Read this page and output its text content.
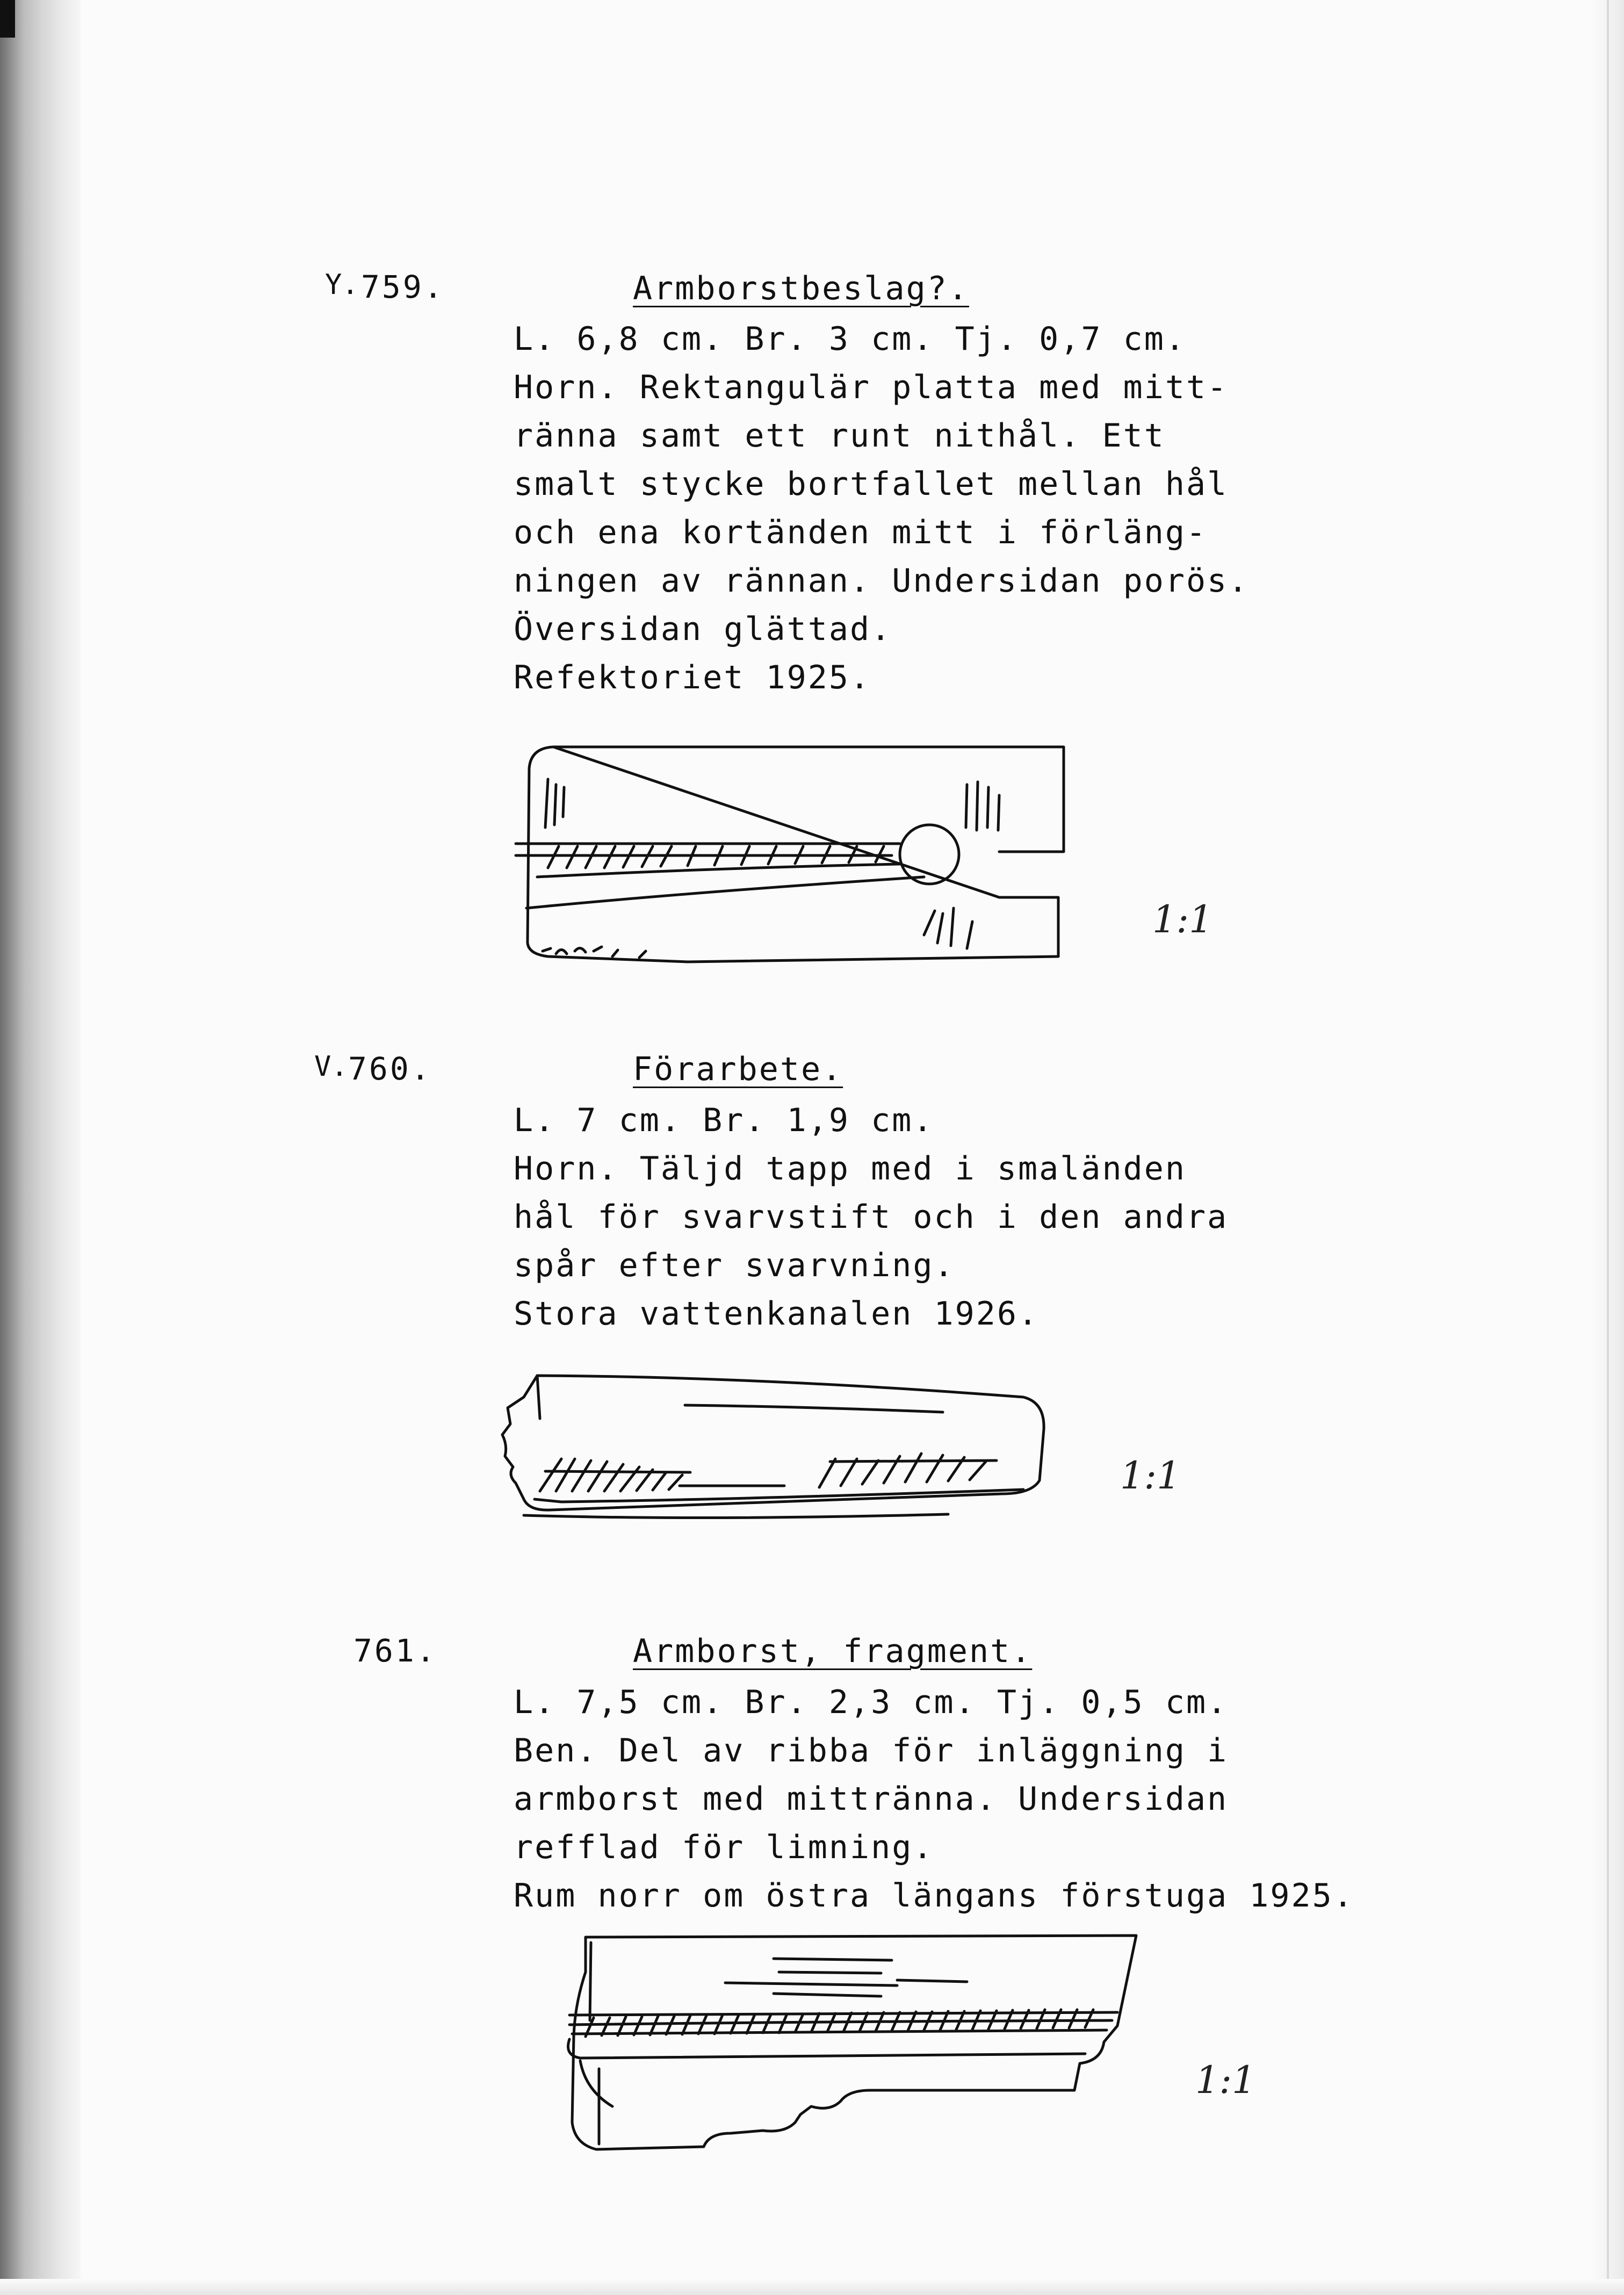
Y. 759.	Armborstbeslag?.
L. 6,8 cm. Br. 3 cm. Tj. 0,7 cm.
Horn. Rektangulär platta med mitt-
ränna samt ett runt nithål. Ett
smalt stycke bortfallet mellan hål
och ena kortänden mitt i förläng-
ningen av rännan. Undersidan porös.
Översidan glättad.
Refektoriet 1925.
1:1
V. 760.	Förarbete.
L. 7 cm. Br. 1,9 cm.
Horn. Täljd tapp med i smaländen
hål för svarvstift och i den andra
spår efter svarvning.
Stora vattenkanalen 1926.
1:1
761.	Armborst, fragment.
L. 7,5 cm. Br. 2,3 cm. Tj. 0,5 cm.
Ben. Del av ribba för inläggning i
armborst med mittränna. Undersidan
refflad för limning.
Rum norr om östra längans förstuga 1925.
1:1
